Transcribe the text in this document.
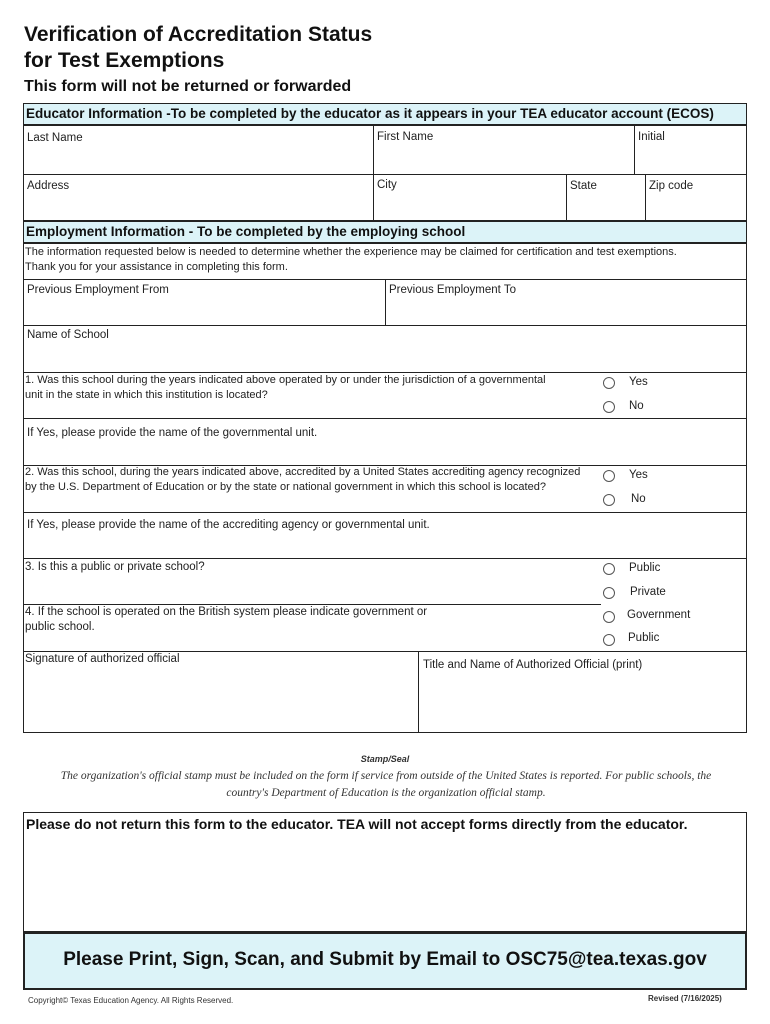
Verification of Accreditation Status
for Test Exemptions
This form will not be returned or forwarded
Educator Information -To be completed by the educator as it appears in your TEA educator account (ECOS)
Last Name	First Name	Initial
Address	City	State	Zip code
Employment Information - To be completed by the employing school
The information requested below is needed to determine whether the experience may be claimed for certification and test exemptions.
Thank you for your assistance in completing this form.
Previous Employment From	Previous Employment To
Name of School
1. Was this school during the years indicated above operated by or under the jurisdiction of a governmental
unit in the state in which this institution is located?
Yes
No
If Yes, please provide the name of the governmental unit.
2. Was this school, during the years indicated above, accredited by a United States accrediting agency recognized
by the U.S. Department of Education or by the state or national government in which this school is located?
Yes
No
If Yes, please provide the name of the accrediting agency or governmental unit.
3. Is this a public or private school?	Public
Private
4. If the school is operated on the British system please indicate government or
public school.
Government
Public
Signature of authorized official	Title and Name of Authorized Official (print)
Stamp/Seal
The organization's official stamp must be included on the form if service from outside of the United States is reported. For public schools, the
country's Department of Education is the organization official stamp.
Please do not return this form to the educator. TEA will not accept forms directly from the educator.
Please Print, Sign, Scan, and Submit by Email to OSC75@tea.texas.gov
Copyright© Texas Education Agency. All Rights Reserved.	Revised (7/16/2025)
